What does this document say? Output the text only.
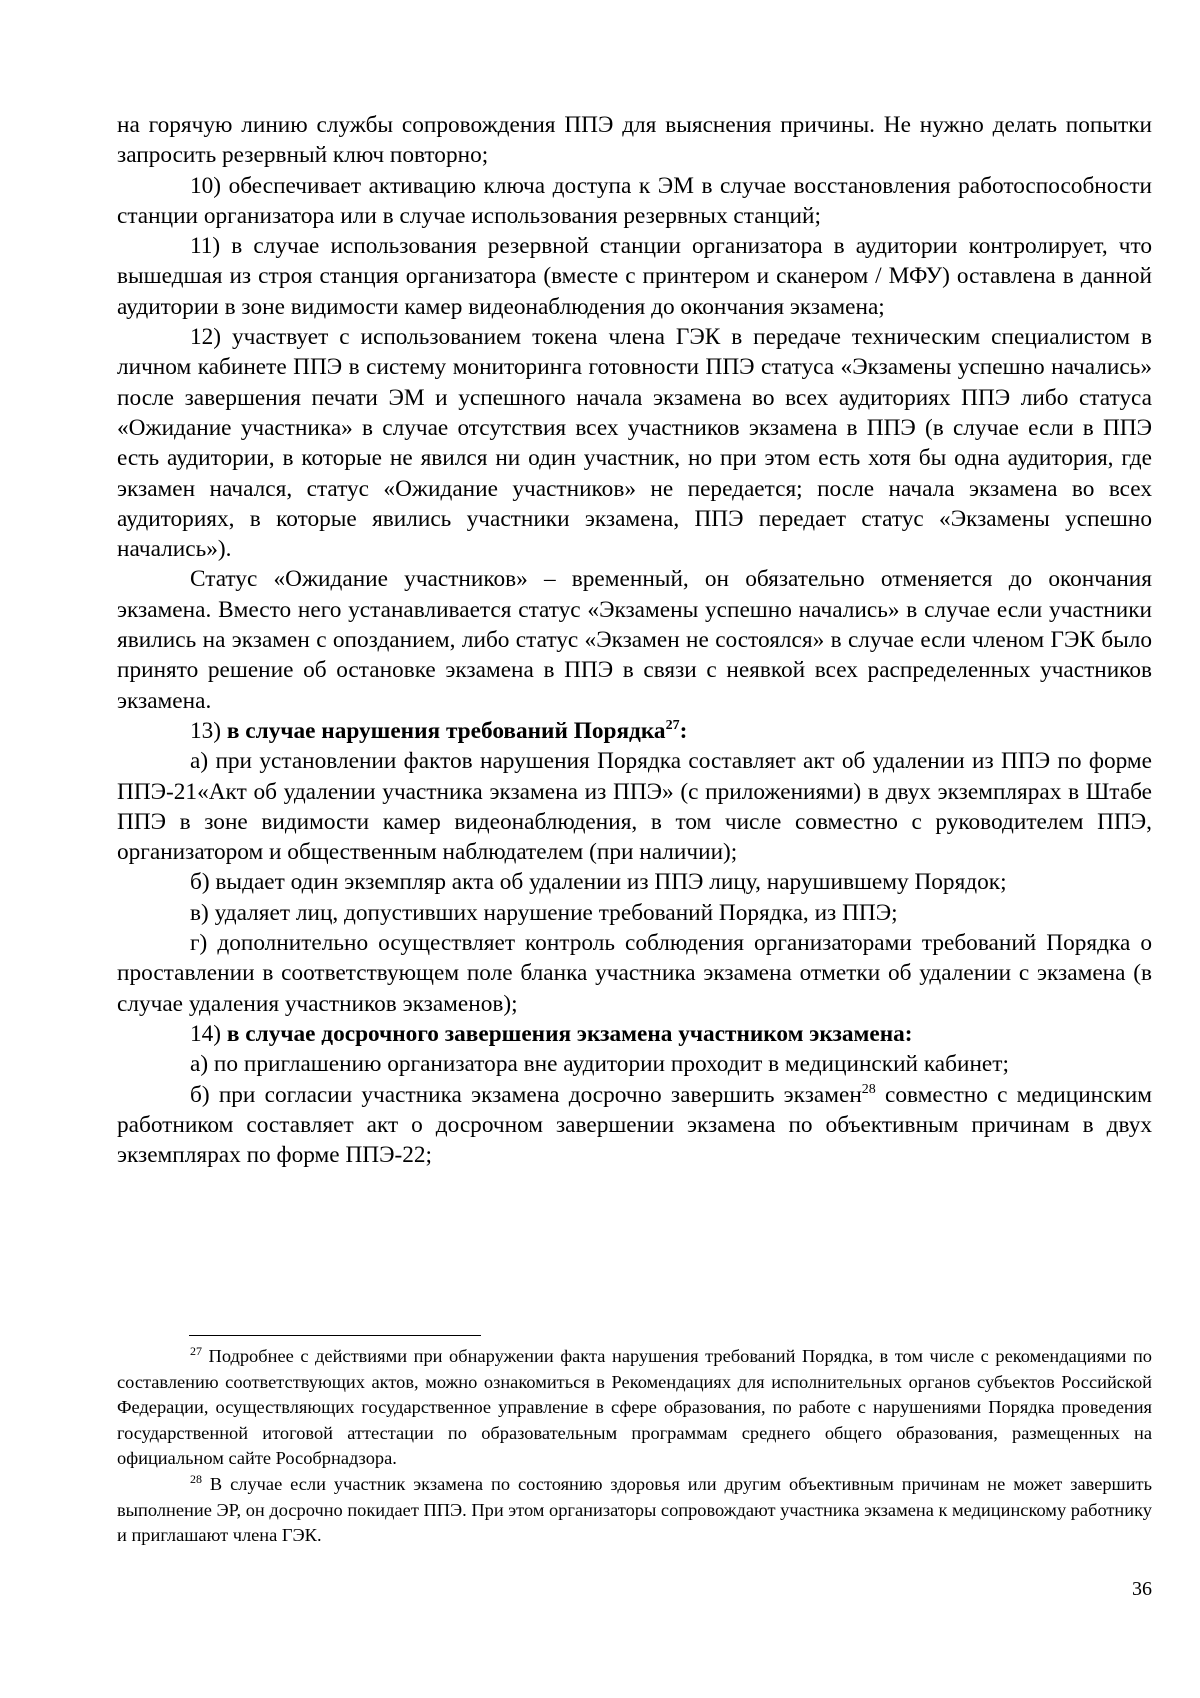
на горячую линию службы сопровождения ППЭ для выяснения причины. Не нужно делать попытки запросить резервный ключ повторно;

10) обеспечивает активацию ключа доступа к ЭМ в случае восстановления работоспособности станции организатора или в случае использования резервных станций;

11) в случае использования резервной станции организатора в аудитории контролирует, что вышедшая из строя станция организатора (вместе с принтером и сканером / МФУ) оставлена в данной аудитории в зоне видимости камер видеонаблюдения до окончания экзамена;

12) участвует с использованием токена члена ГЭК в передаче техническим специалистом в личном кабинете ППЭ в систему мониторинга готовности ППЭ статуса «Экзамены успешно начались» после завершения печати ЭМ и успешного начала экзамена во всех аудиториях ППЭ либо статуса «Ожидание участника» в случае отсутствия всех участников экзамена в ППЭ (в случае если в ППЭ есть аудитории, в которые не явился ни один участник, но при этом есть хотя бы одна аудитория, где экзамен начался, статус «Ожидание участников» не передается; после начала экзамена во всех аудиториях, в которые явились участники экзамена, ППЭ передает статус «Экзамены успешно начались»).

Статус «Ожидание участников» – временный, он обязательно отменяется до окончания экзамена. Вместо него устанавливается статус «Экзамены успешно начались» в случае если участники явились на экзамен с опозданием, либо статус «Экзамен не состоялся» в случае если членом ГЭК было принято решение об остановке экзамена в ППЭ в связи с неявкой всех распределенных участников экзамена.

13) в случае нарушения требований Порядка$^{27}$:

а) при установлении фактов нарушения Порядка составляет акт об удалении из ППЭ по форме ППЭ-21«Акт об удалении участника экзамена из ППЭ» (с приложениями) в двух экземплярах в Штабе ППЭ в зоне видимости камер видеонаблюдения, в том числе совместно с руководителем ППЭ, организатором и общественным наблюдателем (при наличии);

б) выдает один экземпляр акта об удалении из ППЭ лицу, нарушившему Порядок;

в) удаляет лиц, допустивших нарушение требований Порядка, из ППЭ;

г) дополнительно осуществляет контроль соблюдения организаторами требований Порядка о проставлении в соответствующем поле бланка участника экзамена отметки об удалении с экзамена (в случае удаления участников экзаменов);

14) в случае досрочного завершения экзамена участником экзамена:

а) по приглашению организатора вне аудитории проходит в медицинский кабинет;

б) при согласии участника экзамена досрочно завершить экзамен$^{28}$ совместно с медицинским работником составляет акт о досрочном завершении экзамена по объективным причинам в двух экземплярах по форме ППЭ-22;

$^{27}$ Подробнее с действиями при обнаружении факта нарушения требований Порядка, в том числе с рекомендациями по составлению соответствующих актов, можно ознакомиться в Рекомендациях для исполнительных органов субъектов Российской Федерации, осуществляющих государственное управление в сфере образования, по работе с нарушениями Порядка проведения государственной итоговой аттестации по образовательным программам среднего общего образования, размещенных на официальном сайте Рособрнадзора.

$^{28}$ В случае если участник экзамена по состоянию здоровья или другим объективным причинам не может завершить выполнение ЭР, он досрочно покидает ППЭ. При этом организаторы сопровождают участника экзамена к медицинскому работнику и приглашают члена ГЭК.

36
